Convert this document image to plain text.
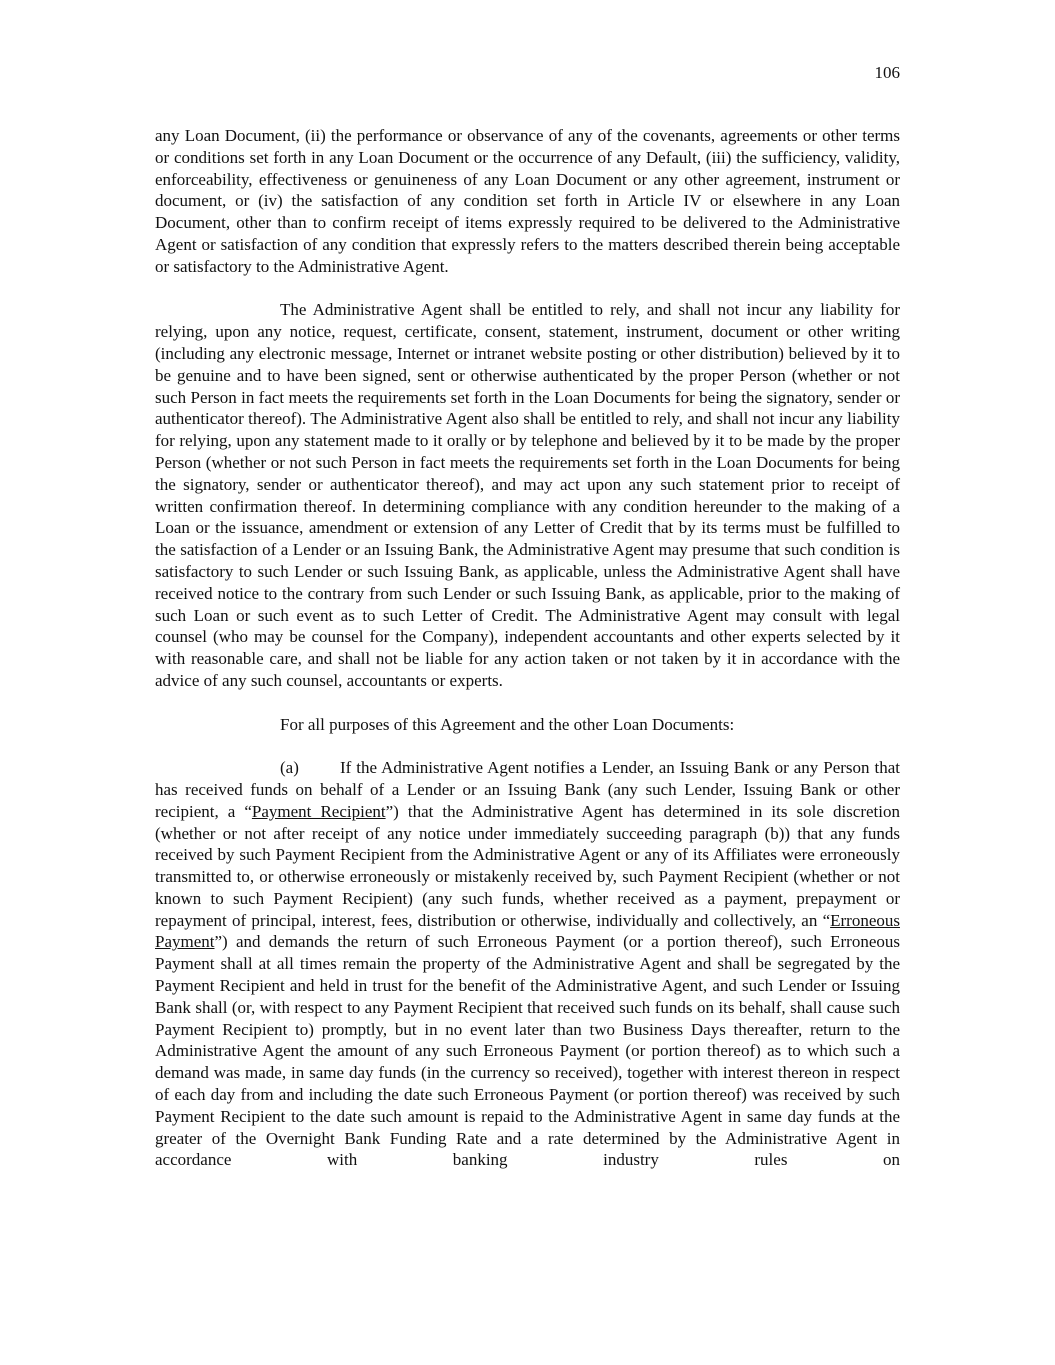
106

any Loan Document, (ii) the performance or observance of any of the covenants, agreements or other terms or conditions set forth in any Loan Document or the occurrence of any Default, (iii) the sufficiency, validity, enforceability, effectiveness or genuineness of any Loan Document or any other agreement, instrument or document, or (iv) the satisfaction of any condition set forth in Article IV or elsewhere in any Loan Document, other than to confirm receipt of items expressly required to be delivered to the Administrative Agent or satisfaction of any condition that expressly refers to the matters described therein being acceptable or satisfactory to the Administrative Agent.

The Administrative Agent shall be entitled to rely, and shall not incur any liability for relying, upon any notice, request, certificate, consent, statement, instrument, document or other writing (including any electronic message, Internet or intranet website posting or other distribution) believed by it to be genuine and to have been signed, sent or otherwise authenticated by the proper Person (whether or not such Person in fact meets the requirements set forth in the Loan Documents for being the signatory, sender or authenticator thereof). The Administrative Agent also shall be entitled to rely, and shall not incur any liability for relying, upon any statement made to it orally or by telephone and believed by it to be made by the proper Person (whether or not such Person in fact meets the requirements set forth in the Loan Documents for being the signatory, sender or authenticator thereof), and may act upon any such statement prior to receipt of written confirmation thereof. In determining compliance with any condition hereunder to the making of a Loan or the issuance, amendment or extension of any Letter of Credit that by its terms must be fulfilled to the satisfaction of a Lender or an Issuing Bank, the Administrative Agent may presume that such condition is satisfactory to such Lender or such Issuing Bank, as applicable, unless the Administrative Agent shall have received notice to the contrary from such Lender or such Issuing Bank, as applicable, prior to the making of such Loan or such event as to such Letter of Credit. The Administrative Agent may consult with legal counsel (who may be counsel for the Company), independent accountants and other experts selected by it with reasonable care, and shall not be liable for any action taken or not taken by it in accordance with the advice of any such counsel, accountants or experts.

For all purposes of this Agreement and the other Loan Documents:

(a) If the Administrative Agent notifies a Lender, an Issuing Bank or any Person that has received funds on behalf of a Lender or an Issuing Bank (any such Lender, Issuing Bank or other recipient, a “Payment Recipient”) that the Administrative Agent has determined in its sole discretion (whether or not after receipt of any notice under immediately succeeding paragraph (b)) that any funds received by such Payment Recipient from the Administrative Agent or any of its Affiliates were erroneously transmitted to, or otherwise erroneously or mistakenly received by, such Payment Recipient (whether or not known to such Payment Recipient) (any such funds, whether received as a payment, prepayment or repayment of principal, interest, fees, distribution or otherwise, individually and collectively, an “Erroneous Payment”) and demands the return of such Erroneous Payment (or a portion thereof), such Erroneous Payment shall at all times remain the property of the Administrative Agent and shall be segregated by the Payment Recipient and held in trust for the benefit of the Administrative Agent, and such Lender or Issuing Bank shall (or, with respect to any Payment Recipient that received such funds on its behalf, shall cause such Payment Recipient to) promptly, but in no event later than two Business Days thereafter, return to the Administrative Agent the amount of any such Erroneous Payment (or portion thereof) as to which such a demand was made, in same day funds (in the currency so received), together with interest thereon in respect of each day from and including the date such Erroneous Payment (or portion thereof) was received by such Payment Recipient to the date such amount is repaid to the Administrative Agent in same day funds at the greater of the Overnight Bank Funding Rate and a rate determined by the Administrative Agent in accordance with banking industry rules on
